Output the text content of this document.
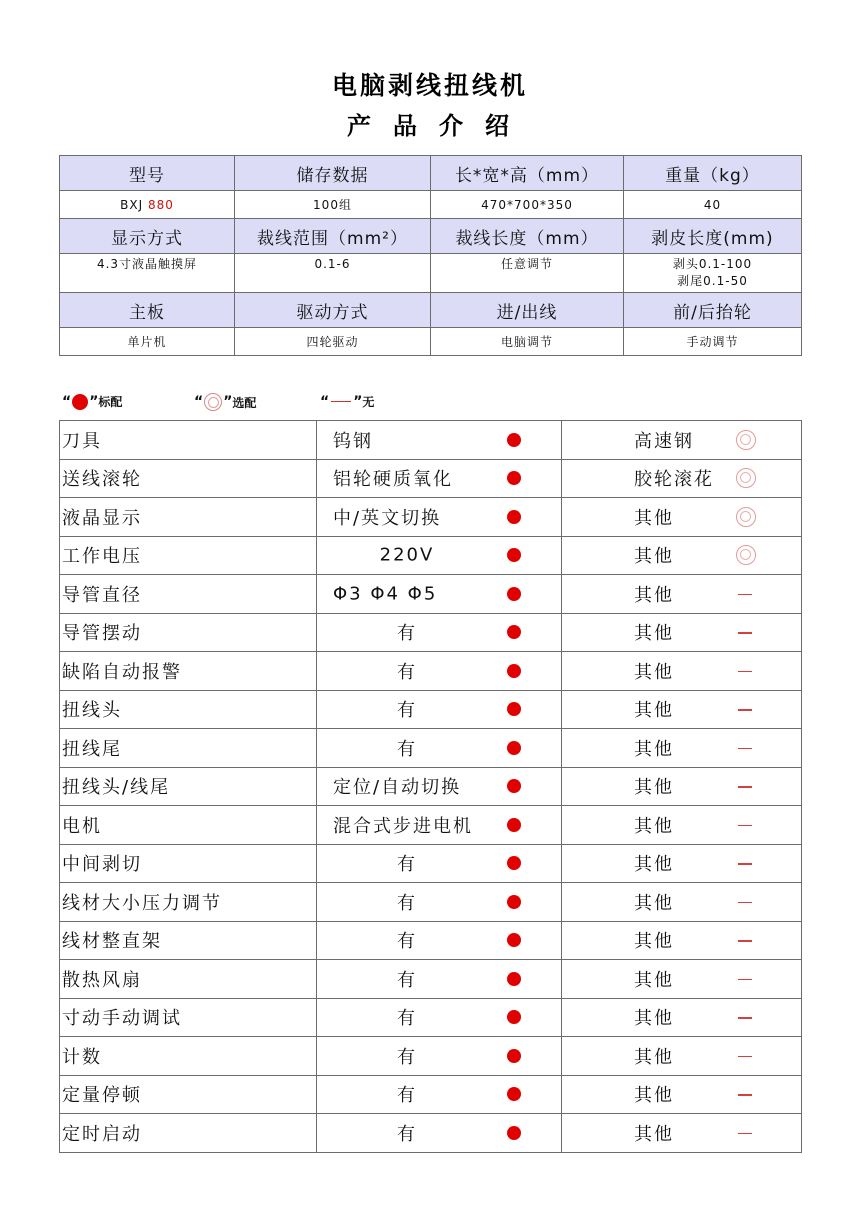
电脑剥线扭线机
产品介绍
型号	储存数据	长*宽*高（mm）	重量（kg）
BXJ 880	100组	470*700*350	40
显示方式	裁线范围（mm²）	裁线长度（mm）	剥皮长度(mm)
4.3寸液晶触摸屏	0.1-6	任意调节	剥头0.1-100
剥尾0.1-50

主板	驱动方式	进/出线	前/后抬轮
单片机	四轮驱动	电脑调节	手动调节
“ ” 标配	“ ” 选配	“ ” 无
刀具	钨钢	高速钢

送线滚轮	铝轮硬质氧化	胶轮滚花

液晶显示	中/英文切换	其他

工作电压	220V	其他

导管直径	Φ3 Φ4 Φ5	其他

导管摆动	有	其他

缺陷自动报警	有	其他

扭线头	有	其他

扭线尾	有	其他

扭线头/线尾	定位/自动切换	其他

电机	混合式步进电机	其他

中间剥切	有	其他

线材大小压力调节	有	其他

线材整直架	有	其他

散热风扇	有	其他

寸动手动调试	有	其他

计数	有	其他

定量停顿	有	其他

定时启动	有	其他
